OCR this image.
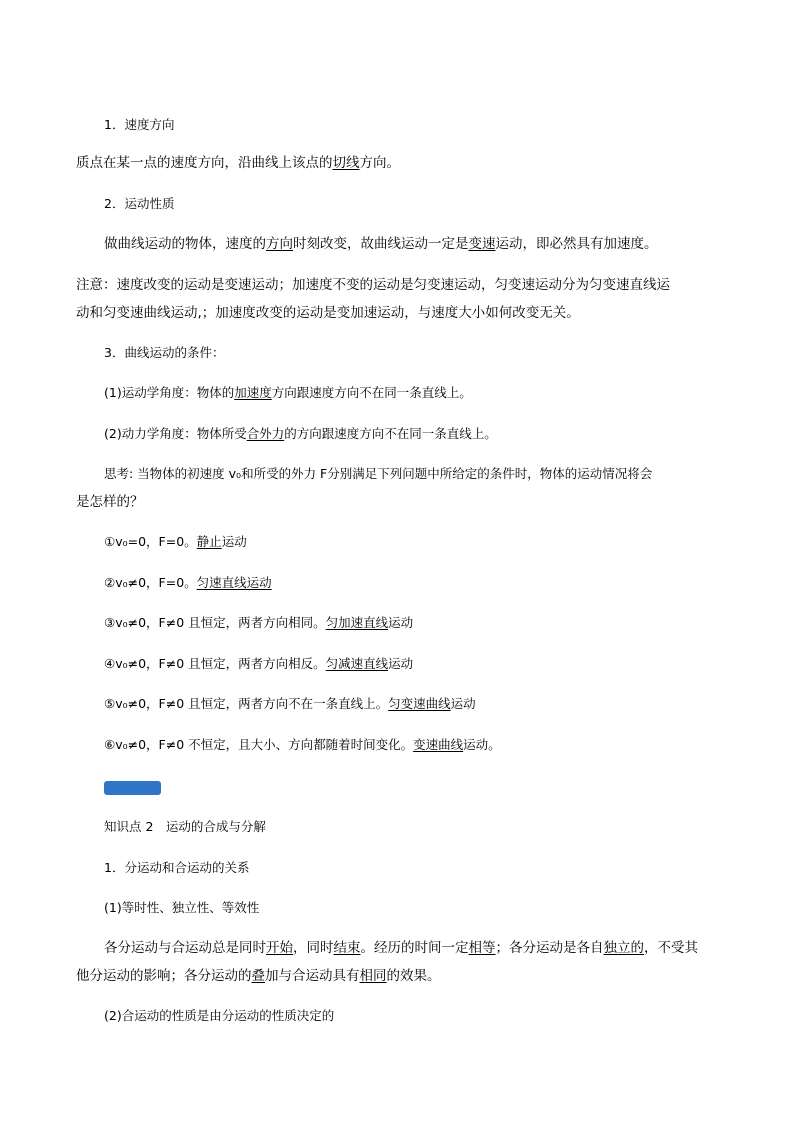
1．速度方向
质点在某一点的速度方向，沿曲线上该点的切线方向。
2．运动性质
做曲线运动的物体，速度的方向时刻改变，故曲线运动一定是变速运动，即必然具有加速度。
注意：速度改变的运动是变速运动；加速度不变的运动是匀变速运动，匀变速运动分为匀变速直线运
动和匀变速曲线运动,；加速度改变的运动是变加速运动，与速度大小如何改变无关。
3．曲线运动的条件：
(1)运动学角度：物体的加速度方向跟速度方向不在同一条直线上。
(2)动力学角度：物体所受合外力的方向跟速度方向不在同一条直线上。
思考: 当物体的初速度 v₀和所受的外力 F分别满足下列问题中所给定的条件时，物体的运动情况将会
是怎样的？
①v₀=0，F=0。静止运动
②v₀≠0，F=0。匀速直线运动
③v₀≠0，F≠0 且恒定，两者方向相同。匀加速直线运动
④v₀≠0，F≠0 且恒定，两者方向相反。匀减速直线运动
⑤v₀≠0，F≠0 且恒定，两者方向不在一条直线上。匀变速曲线运动
⑥v₀≠0，F≠0 不恒定，且大小、方向都随着时间变化。变速曲线运动。
知识点 2　运动的合成与分解
1．分运动和合运动的关系
(1)等时性、独立性、等效性
各分运动与合运动总是同时开始，同时结束。经历的时间一定相等；各分运动是各自独立的，不受其
他分运动的影响；各分运动的叠加与合运动具有相同的效果。
(2)合运动的性质是由分运动的性质决定的
